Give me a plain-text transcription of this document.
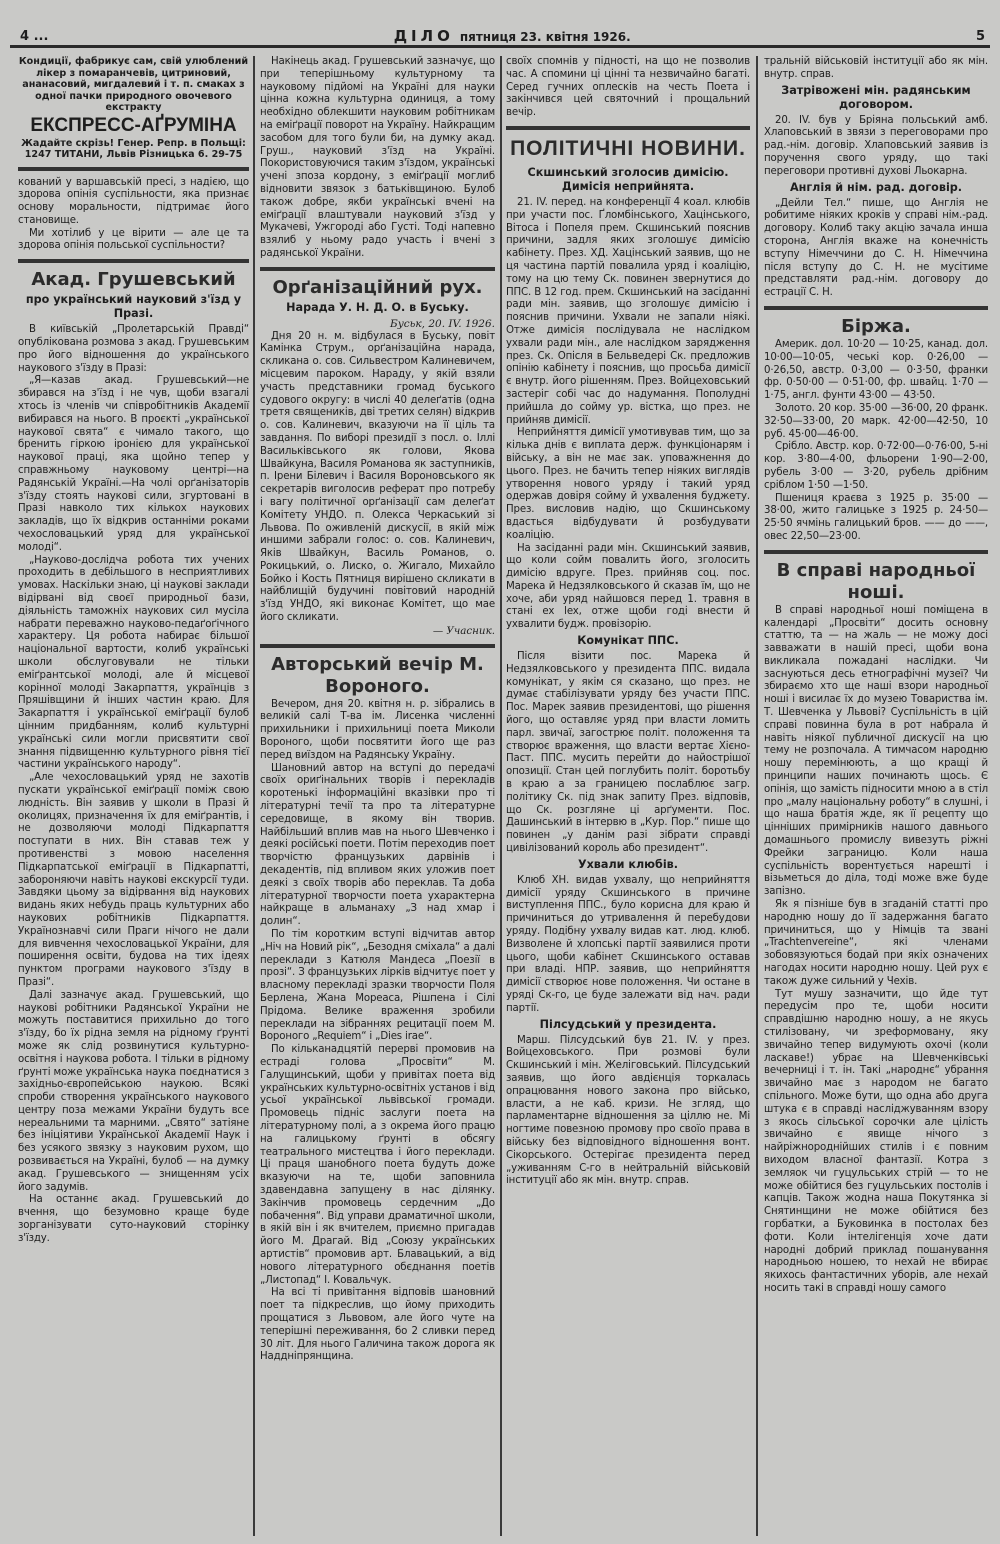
4 ...	ДІЛО пятниця 23. квітня 1926.	5
Кондиції, фабрикує сам, свій улюблений лікер з помаранчевів, цитриновий, ананасовий, мигдалевий і т. п. смаках з одної пачки природного овочевого екстракту
ЕКСПРЕСС-АҐРУМІНА
Жадайте скрізь! Генер. Репр. в Польщі: 1247 ТИТАНИ, Львів Різницька 6. 29-75

кований у варшавській пресі, з надією, що здорова опінія суспільности, яка признає основу моральности, підтримає його становище.

Ми хотілиб у це вірити — але це та здорова опінія польської суспільности?

Акад. Грушевський
про український науковий з'їзд у Празі.

В київській „Пролетарській Правді“ опублікована розмова з акад. Грушевським про його відношення до українського наукового з'їзду в Празі:

„Я—казав акад. Грушевський—не збирався на з'їзд і не чув, щоби взагалі хтось із членів чи співробітників Академії вибирався на нього. В проєкті „української наукової свята“ є чимало такого, що бренить гіркою іронією для української наукової праці, яка щойно тепер у справжньому науковому центрі—на Радянській Україні.—На чолі орґанізаторів з'їзду стоять наукові сили, згуртовані в Празі навколо тих кількох наукових закладів, що їх відкрив останніми роками чехословацький уряд для української молоді“.

„Науково-дослідча робота тих учених проходить в дебільшого в несприятливих умовах. Наскільки знаю, ці наукові заклади відірвані від своєї природньої бази, діяльність таможніх наукових сил мусіла набрати переважно науково-педаґоґічного характеру. Ця робота набирає більшої національної вартости, колиб українські школи обслуговували не тільки еміґрантської молоді, але й місцевої корінної молоді Закарпаття, українців з Пряшівщини й інших частин краю. Для Закарпаття і української еміґрації булоб цінним придбанням, колиб культурні українські сили могли присвятити свої знання підвищенню культурного рівня тієї частини українського народу“.

„Але чехословацький уряд не захотів пускати української еміґрації поміж свою людність. Він заявив у школи в Празі й околицях, призначення їх для еміґрантів, і не дозволяючи молоді Підкарпаття поступати в них. Він ставав теж у противенстві з мовою населення Підкарпатської еміґрації в Підкарпатті, забороняючи навіть наукові екскурсії туди. Завдяки цьому за відірвання від наукових видань яких небудь праць культурних або наукових робітників Підкарпаття. Українознавчі сили Праги нічого не дали для вивчення чехословацької України, для поширення освіти, будова на тих ідеях пунктом програми наукового з'їзду в Празі“.

Далі зазначує акад. Грушевський, що наукові робітники Радянської України не можуть поставитися прихильно до того з'їзду, бо їх рідна земля на рідному ґрунті може як слід розвинутися культурно-освітня і наукова робота. І тільки в рідному ґрунті може українська наука поєднатися з західньо-європейською наукою. Всякі спроби створення українського наукового центру поза межами України будуть все нереальними та марними. „Свято“ затіяне без ініціятиви Української Академії Наук і без усякого звязку з науковим рухом, що розвивається на Україні, булоб — на думку акад. Грушевського — знищенням усіх його задумів.

На останнє акад. Грушевський до вчення, що безумовно краще буде зорганізувати суто-науковий сторінку з'їзду.

Накінець акад. Грушевський зазначує, що при теперішньому культурному та науковому підйомі на Україні для науки цінна кожна культурна одиниця, а тому необхідно облекшити науковим робітникам на еміґрації поворот на Україну. Найкращим засобом для того були би, на думку акад. Груш., науковий з'їзд на Україні. Покористовуючися таким з'їздом, українські учені зпоза кордону, з еміґрації моглиб відновити звязок з батьківщиною. Булоб також добре, якби українські вчені на еміґрації влаштували науковий з'їзд у Мукачеві, Ужгороді або Густі. Тоді напевно взялиб у ньому радо участь і вчені з радянської України.

Орґанізаційний рух.
Нарада У. Н. Д. О. в Буську.
Буськ, 20. IV. 1926.

Дня 20 н. м. відбулася в Буську, повіт Камінка Струм., орґанізаційна нарада, скликана о. сов. Сильвестром Калиневичем, місцевим пароком. Нараду, у якій взяли участь представники громад буського судового округу: в числі 40 делеґатів (одна третя священиків, дві третих селян) відкрив о. сов. Калиневич, вказуючи на її ціль та завдання. По виборі президії з посл. о. Іллі Васильківського як голови, Якова Швайкуна, Василя Романова як заступників, п. Ірени Білевич і Василя Вороновського як секретарів виголосив реферат про потребу і вагу політичної орґанізації сам делеґат Комітету УНДО. п. Олекса Черкаський зі Львова. По оживленій дискусії, в якій між иншими забрали голос: о. сов. Калиневич, Яків Швайкун, Василь Романов, о. Рокицький, о. Лиско, о. Жигало, Михайло Бойко і Кость Пятниця вирішено скликати в найблищій будучині повітовий народній з'їзд УНДО, які виконає Комітет, що мае його скликати.

— Учасник.
Авторський вечір М. Вороного.

Вечером, дня 20. квітня н. р. зібрались в великій салі Т-ва ім. Лисенка численні прихильники і прихильниці поета Миколи Вороного, щоби посвятити його ще раз перед виїздом на Радянську Україну.

Шановний автор на вступі до передачі своїх ориґінальних творів і перекладів коротенькі інформаційні вказівки про ті літературні течії та про та літературне середовище, в якому він творив. Найбільший вплив мав на нього Шевченко і деякі російські поети. Потім переходив поет творчістю французьких дарвінів і декадентів, під впливом яких уложив поет деякі з своїх творів або переклав. Та доба літературної творчости поета ухарактерна найкраще в альманаху „З над хмар і долин“.

По тім коротким вступі відчитав автор „Ніч на Новий рік“, „Безодня сміхала“ а далі переклади з Катюля Мандеса „Поезії в прозі“. З французьких лірків відчитує поет у власному перекладі зразки творчости Поля Берлена, Жана Мореаса, Рішпена і Сілі Прідома. Велике враження зробили переклади на зібраннях рецитації поем М. Вороного „Requiem“ і „Dies irae“.

По кільканадцятій перерві промовив на естраді голова „Просвіти“ М. Галущинський, щоби у привітах поета від українських культурно-освітніх установ і від усьої української львівської громади. Промовець підніс заслуги поета на літературному полі, а з окрема його працю на галицькому ґрунті в обсягу театрального мистецтва і його переклади. Ці праця шанобного поета будуть доже вказуючи на те, щоби заповнила здавендавна запущену в нас ділянку. Закінчив промовець сердечним „До побачення“. Від управи драматичної школи, в якій він і як вчителем, приємно пригадав його М. Драгай. Від „Союзу українських артистів“ промовив арт. Блавацький, а від нового літературного обєднання поетів „Листопад“ І. Ковальчук.

На всі ті привітання відповів шановний поет та підкреслив, що йому приходить прощатися з Львовом, але його чуте на теперішні переживання, бо 2 сливки перед 30 літ. Для нього Галичина також дорога як Наддніпрянщина.

своїх спомнів у підності, на що не позволив час. А спомини ці цінні та незвичайно багаті. Серед гучних оплесків на честь Поета і закінчився цей святочний і прощальний вечір.

ПОЛІТИЧНІ НОВИНИ.
Скшинський зголосив димісію. Димісія неприйнята.

21. IV. перед. на конференції 4 коал. клюбів при участи пос. Ґломбінського, Хацінського, Вітоса і Попеля прем. Скшинський пояснив причини, задля яких зголошує димісію кабінету. През. ХД. Хацінський заявив, що не ця частина партій повалила уряд і коаліцію, тому на цю тему Ск. повинен звернутися до ППС. В 12 год. прем. Скшинський на засіданні ради мін. заявив, що зголошує димісію і пояснив причини. Ухвали не запали ніякі. Отже димісія послідувала не наслідком ухвали ради мін., але наслідком зарядження през. Ск. Опісля в Бельведері Ск. предложив опінію кабінету і пояснив, що просьба димісії є внутр. його рішенням. През. Войцеховський застеріг собі час до надумання. Пополудні прийшла до сойму ур. вістка, що през. не прийняв димісії.

Неприйняття димісії умотивував тим, що за кілька днів є виплата держ. функціонарям і війську, а він не має зак. уповажнення до цього. През. не бачить тепер ніяких виглядів утворення нового уряду і такий уряд одержав довіря сойму й ухвалення буджету. През. висловив надію, що Скшинському вдасться відбудувати й розбудувати коаліцію.

На засіданні ради мін. Скшинський заявив, що коли сойм повалить його, зголосить димісію вдруге. През. прийняв соц. пос. Марека й Недзялковського й сказав їм, що не хоче, аби уряд найшовся перед 1. травня в стані ex lex, отже щоби годі внести й ухвалити будж. провізорію.

Комунікат ППС.

Після візити пос. Марека й Недзялковського у президента ППС. видала комунікат, у якім ся сказано, що през. не думає стабілізувати уряду без участи ППС. Пос. Марек заявив президентові, що рішення його, що оставляє уряд при власти ломить парл. звичаї, загострює політ. положення та створює враження, що власти вертає Хієно-Паст. ППС. мусить перейти до найострішої опозиції. Стан цей поглубить політ. боротьбу в краю а за границею послаблює загр. політику Ск. під знак запиту През. відповів, що Ск. розгляне ці арґументи. Пос. Дашинський в інтервю в „Кур. Пор.“ пише що повинен „у данім разі зібрати справді цивілізований король або президент“.

Ухвали клюбів.

Клюб ХН. видав ухвалу, що неприйняття димісії уряду Скшинського в причине виступлення ППС., було корисна для краю й причиниться до утривалення й перебудови уряду. Подібну ухвалу видав кат. люд. клюб. Визволене й хлопські партії заявилися проти цього, щоби кабінет Скшинського оставав при владі. НПР. заявив, що неприйняття димісії створює нове положення. Чи остане в уряді Ск-го, це буде залежати від нач. ради партії.

Пілсудський у президента.

Марш. Пілсудський був 21. IV. у през. Войцеховського. При розмові були Скшинський і мін. Желіговський. Пілсудський заявив, що його авдієнція торкалась опрацювання нового закона про військо, власти, а не каб. кризи. Не згляд, що парламентарне відношення за ціллю не. Мі ногтиме повезною промову про своїо прaвa в війську без відповідного відношення вонт. Сікорського. Остерігає президента перед „уживанням С-го в нейтральній військовій інституції або як мін. внутр. справ.

тральній військовій інституції або як мін. внутр. справ.

Затрівожені мін. радянським договором.

20. IV. був у Бріяна польський амб. Хлаповський в звязи з переговорами про рад.-нім. договір. Хлаповський заявив із поручення свого уряду, що такі переговори противні духові Льокарна.

Англія й нім. рад. договір.

„Дейли Тел.“ пише, що Англія не робитиме ніяких кроків у справі нім.-рад. договору. Колиб таку акцію зачала инша сторона, Англія вкаже на конечність вступу Німеччини до С. Н. Німеччина після вступу до С. Н. не мусітиме представляти рад.-нім. договору до естрації С. Н.

Біржа.

Америк. дол. 10·20 — 10·25, канад. дол. 10·00—10·05, чеські кор. 0·26,00 — 0·26,50, австр. 0·3,00 — 0·3·50, франки фр. 0·50·00 — 0·51·00, фр. швайц. 1·70 — 1·75, англ. фунти 43·00 — 43·50.

Золото. 20 кор. 35·00 —36·00, 20 франк. 32·50—33·00, 20 марк. 42·00—42·50, 10 руб. 45·00—46·00.

Срібло. Австр. кор. 0·72·00—0·76·00, 5-ні кор. 3·80—4·00, фльорени 1·90—2·00, рубель 3·00 — 3·20, рубель дрібним сріблом 1·50 —1·50.

Пшениця краєва з 1925 р. 35·00 — 38·00, жито галицьке з 1925 р. 24·50—25·50 ячмінь галицький бров. —— до ——, овес 22,50—23·00.

В справі народньої ноші.

В справі народньої ноші поміщена в календарі „Просвіти“ досить основну статтю, та — на жаль — не можу досі завважати в нашій пресі, щоби вона викликала пожадані наслідки. Чи заснуються десь етнографічні музеї? Чи збираємо хто ще наші взори народньої ноші і висилає їх до музею Товариства ім. Т. Шевченка у Львові? Суспільність в цій справі повинна була в рот набрала й навіть ніякої публичної дискусії на цю тему не розпочала. А тимчасом народню ношу перемінюють, а що кращі й принципи наших починають щось. Є опінія, що замість підносити мною а в стіл про „малу національну роботу“ в слушні, і що наша братія жде, як її рецепту що цінніших примірників нашого давнього домашнього промислу вивезуть ріжні Фрейки заграницю. Коли наша суспільність ворентується нарешті і візьметься до діла, тоді може вже буде запізно.

Як я пізніше був в згаданій статті про народню ношу до її задержання багато причиниться, що у Німців та звані „Trachtenvereine“, які членами зобовязуються бодай при якіх означених нагодах носити народню ношу. Цей рух є також дуже сильний у Чехів.

Тут мушу зазначити, що йде тут передусім про те, щоби носити справдішню народню ношу, а не якусь стилізовану, чи зреформовану, яку звичайно тепер видумують охочі (коли ласкаве!) убрає на Шевченківські вечерниці і т. ін. Такі „народнє“ убрання звичайно має з народом не багато спільного. Може бути, що одна або друга штука є в справді насліджуванням взору з якось сільської сорочки але цілість звичайно є явище нічого з найріжнороднійших стилів і є повним виходом власної фантазії. Котра з земляок чи гуцульських стрій — то не може обійтися без гуцульських постолів і капців. Також жодна наша Покутянка зі Снятинщини не може обійтися без горбатки, а Буковинка в постолах без фоти. Коли інтелігенція хоче дати народні добрий приклад пошанування народньою ношею, то нехай не вбирає якихось фантастичних уборів, але нехай носить такі в справді ношу самого
